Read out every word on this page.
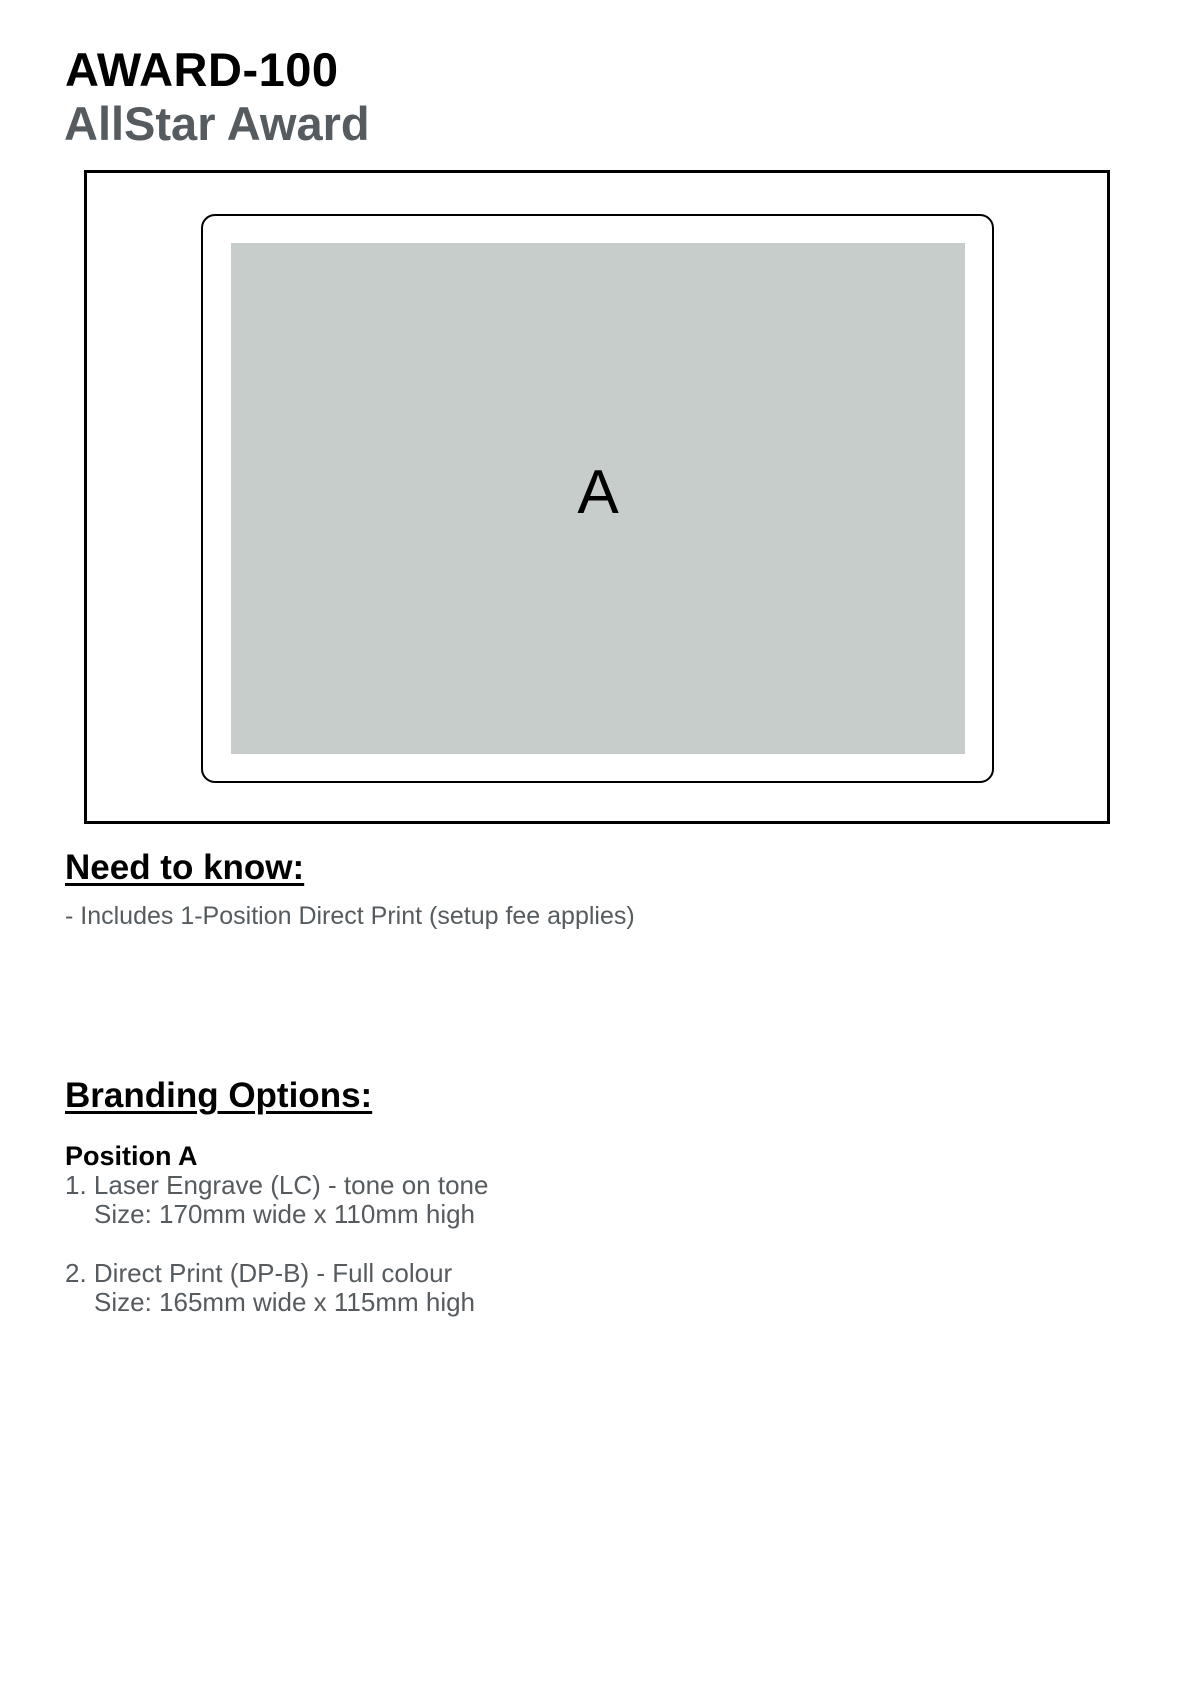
AWARD-100
AllStar Award
A
Need to know:

- Includes 1-Position Direct Print (setup fee applies)

Branding Options:

Position A

1. Laser Engrave (LC) - tone on tone
Size: 170mm wide x 110mm high

2. Direct Print (DP-B) - Full colour
Size: 165mm wide x 115mm high
